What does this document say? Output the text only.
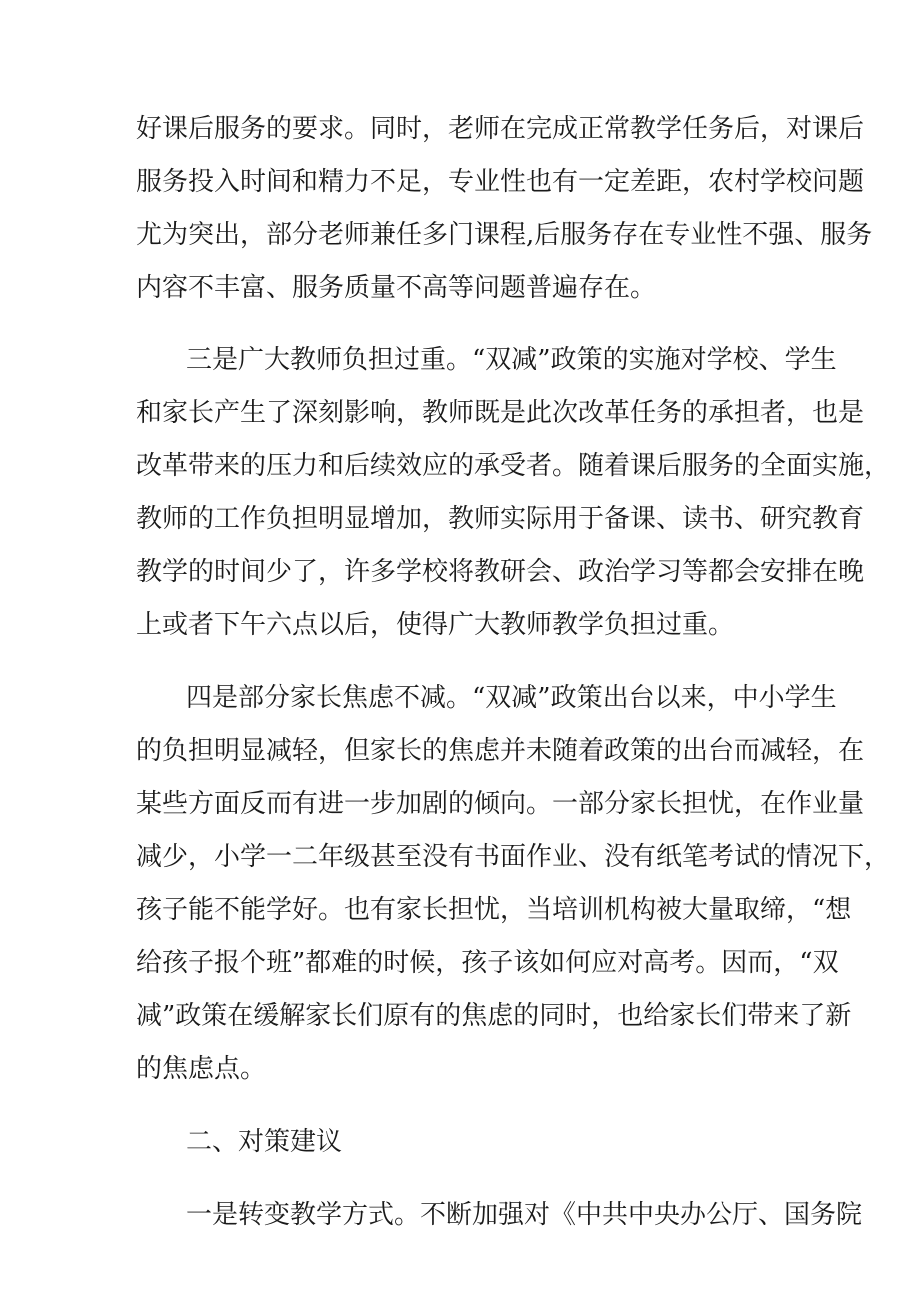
好课后服务的要求。同时，老师在完成正常教学任务后，对课后
服务投入时间和精力不足，专业性也有一定差距，农村学校问题
尤为突出，部分老师兼任多门课程,后服务存在专业性不强、服务
内容不丰富、服务质量不高等问题普遍存在。
三是广大教师负担过重。“双减”政策的实施对学校、学生
和家长产生了深刻影响，教师既是此次改革任务的承担者，也是
改革带来的压力和后续效应的承受者。随着课后服务的全面实施，
教师的工作负担明显增加，教师实际用于备课、读书、研究教育
教学的时间少了，许多学校将教研会、政治学习等都会安排在晚
上或者下午六点以后，使得广大教师教学负担过重。
四是部分家长焦虑不减。“双减”政策出台以来，中小学生
的负担明显减轻，但家长的焦虑并未随着政策的出台而减轻，在
某些方面反而有进一步加剧的倾向。一部分家长担忧，在作业量
减少，小学一二年级甚至没有书面作业、没有纸笔考试的情况下，
孩子能不能学好。也有家长担忧，当培训机构被大量取缔，“想
给孩子报个班”都难的时候，孩子该如何应对高考。因而，“双
减”政策在缓解家长们原有的焦虑的同时，也给家长们带来了新
的焦虑点。
二、对策建议
一是转变教学方式。不断加强对《中共中央办公厅、国务院
